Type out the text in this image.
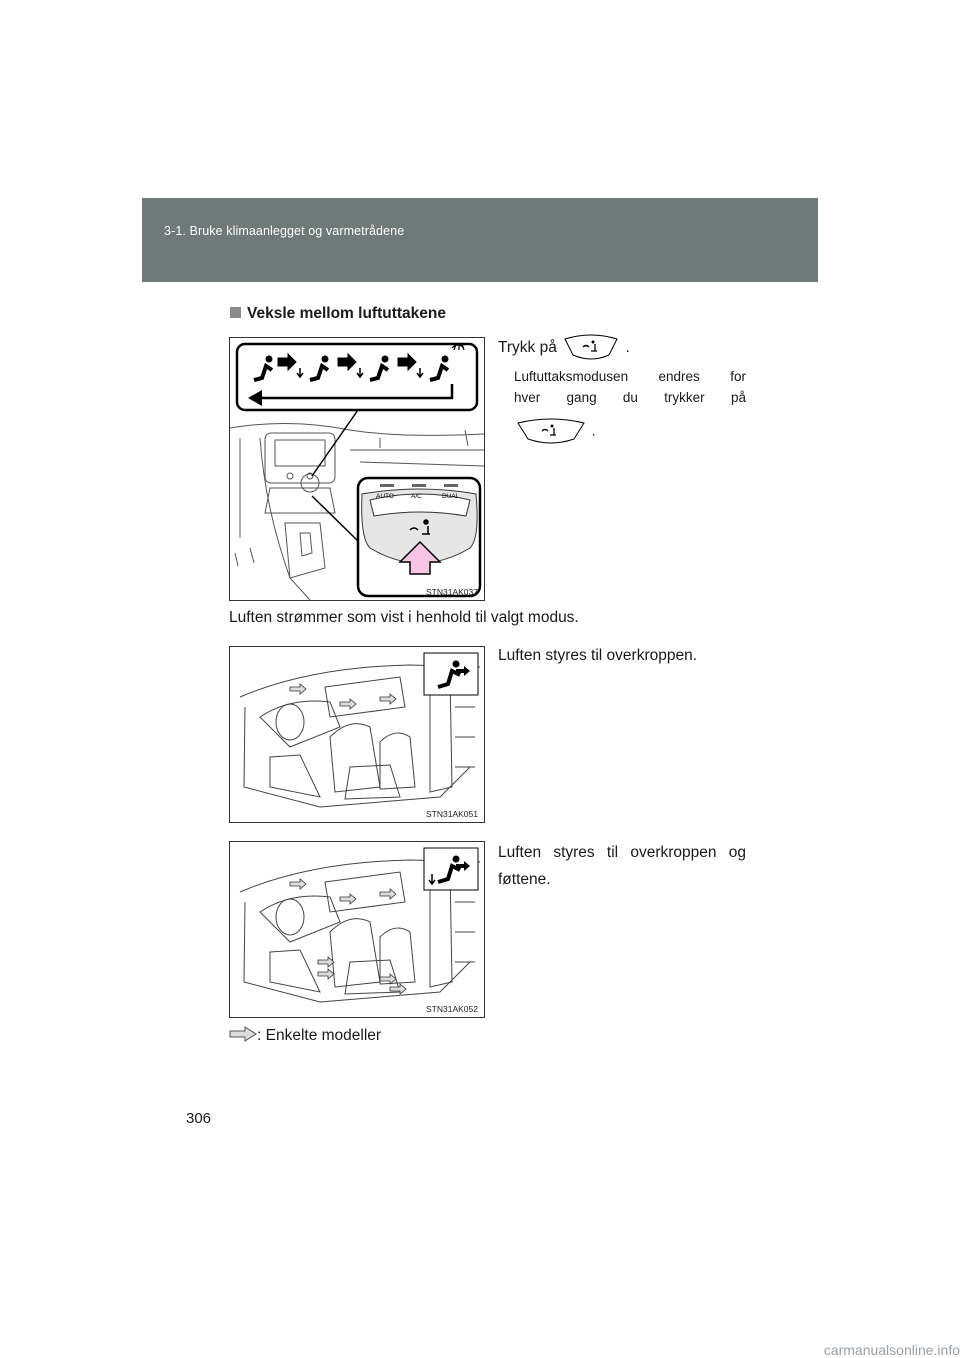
3-1. Bruke klimaanlegget og varmetrådene
Veksle mellom luftuttakene
AUTO	A/C	DUAL
STN31AK037
Trykk på	.
Luftuttaksmodusen endres for
hver gang du trykker på
.
Luften strømmer som vist i henhold til valgt modus.
STN31AK051
Luften styres til overkroppen.
STN31AK052
Luften styres til overkroppen og
føttene.
: Enkelte modeller
306
carmanualsonline.info
